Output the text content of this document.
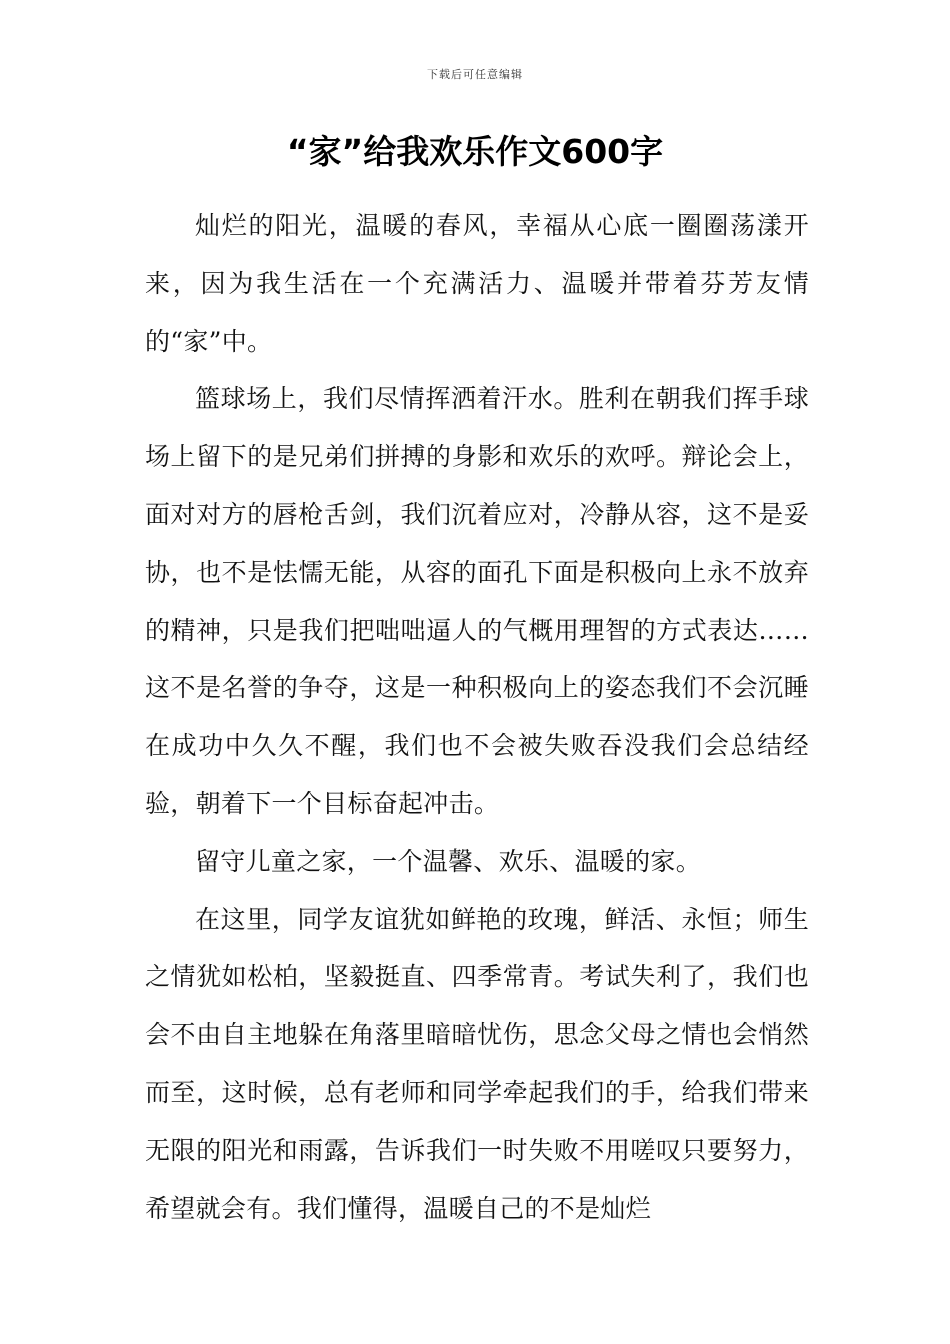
下载后可任意编辑
“家”给我欢乐作文600字

灿烂的阳光，温暖的春风，幸福从心底一圈圈荡漾开来，因为我生活在一个充满活力、温暖并带着芬芳友情的“家”中。

篮球场上，我们尽情挥洒着汗水。胜利在朝我们挥手球场上留下的是兄弟们拼搏的身影和欢乐的欢呼。辩论会上，面对对方的唇枪舌剑，我们沉着应对，冷静从容，这不是妥协，也不是怯懦无能，从容的面孔下面是积极向上永不放弃的精神，只是我们把咄咄逼人的气概用理智的方式表达……这不是名誉的争夺，这是一种积极向上的姿态我们不会沉睡在成功中久久不醒，我们也不会被失败吞没我们会总结经验，朝着下一个目标奋起冲击。

留守儿童之家，一个温馨、欢乐、温暖的家。

在这里，同学友谊犹如鲜艳的玫瑰，鲜活、永恒；师生之情犹如松柏，坚毅挺直、四季常青。考试失利了，我们也会不由自主地躲在角落里暗暗忧伤，思念父母之情也会悄然而至，这时候，总有老师和同学牵起我们的手，给我们带来无限的阳光和雨露，告诉我们一时失败不用嗟叹只要努力，希望就会有。我们懂得，温暖自己的不是灿烂
